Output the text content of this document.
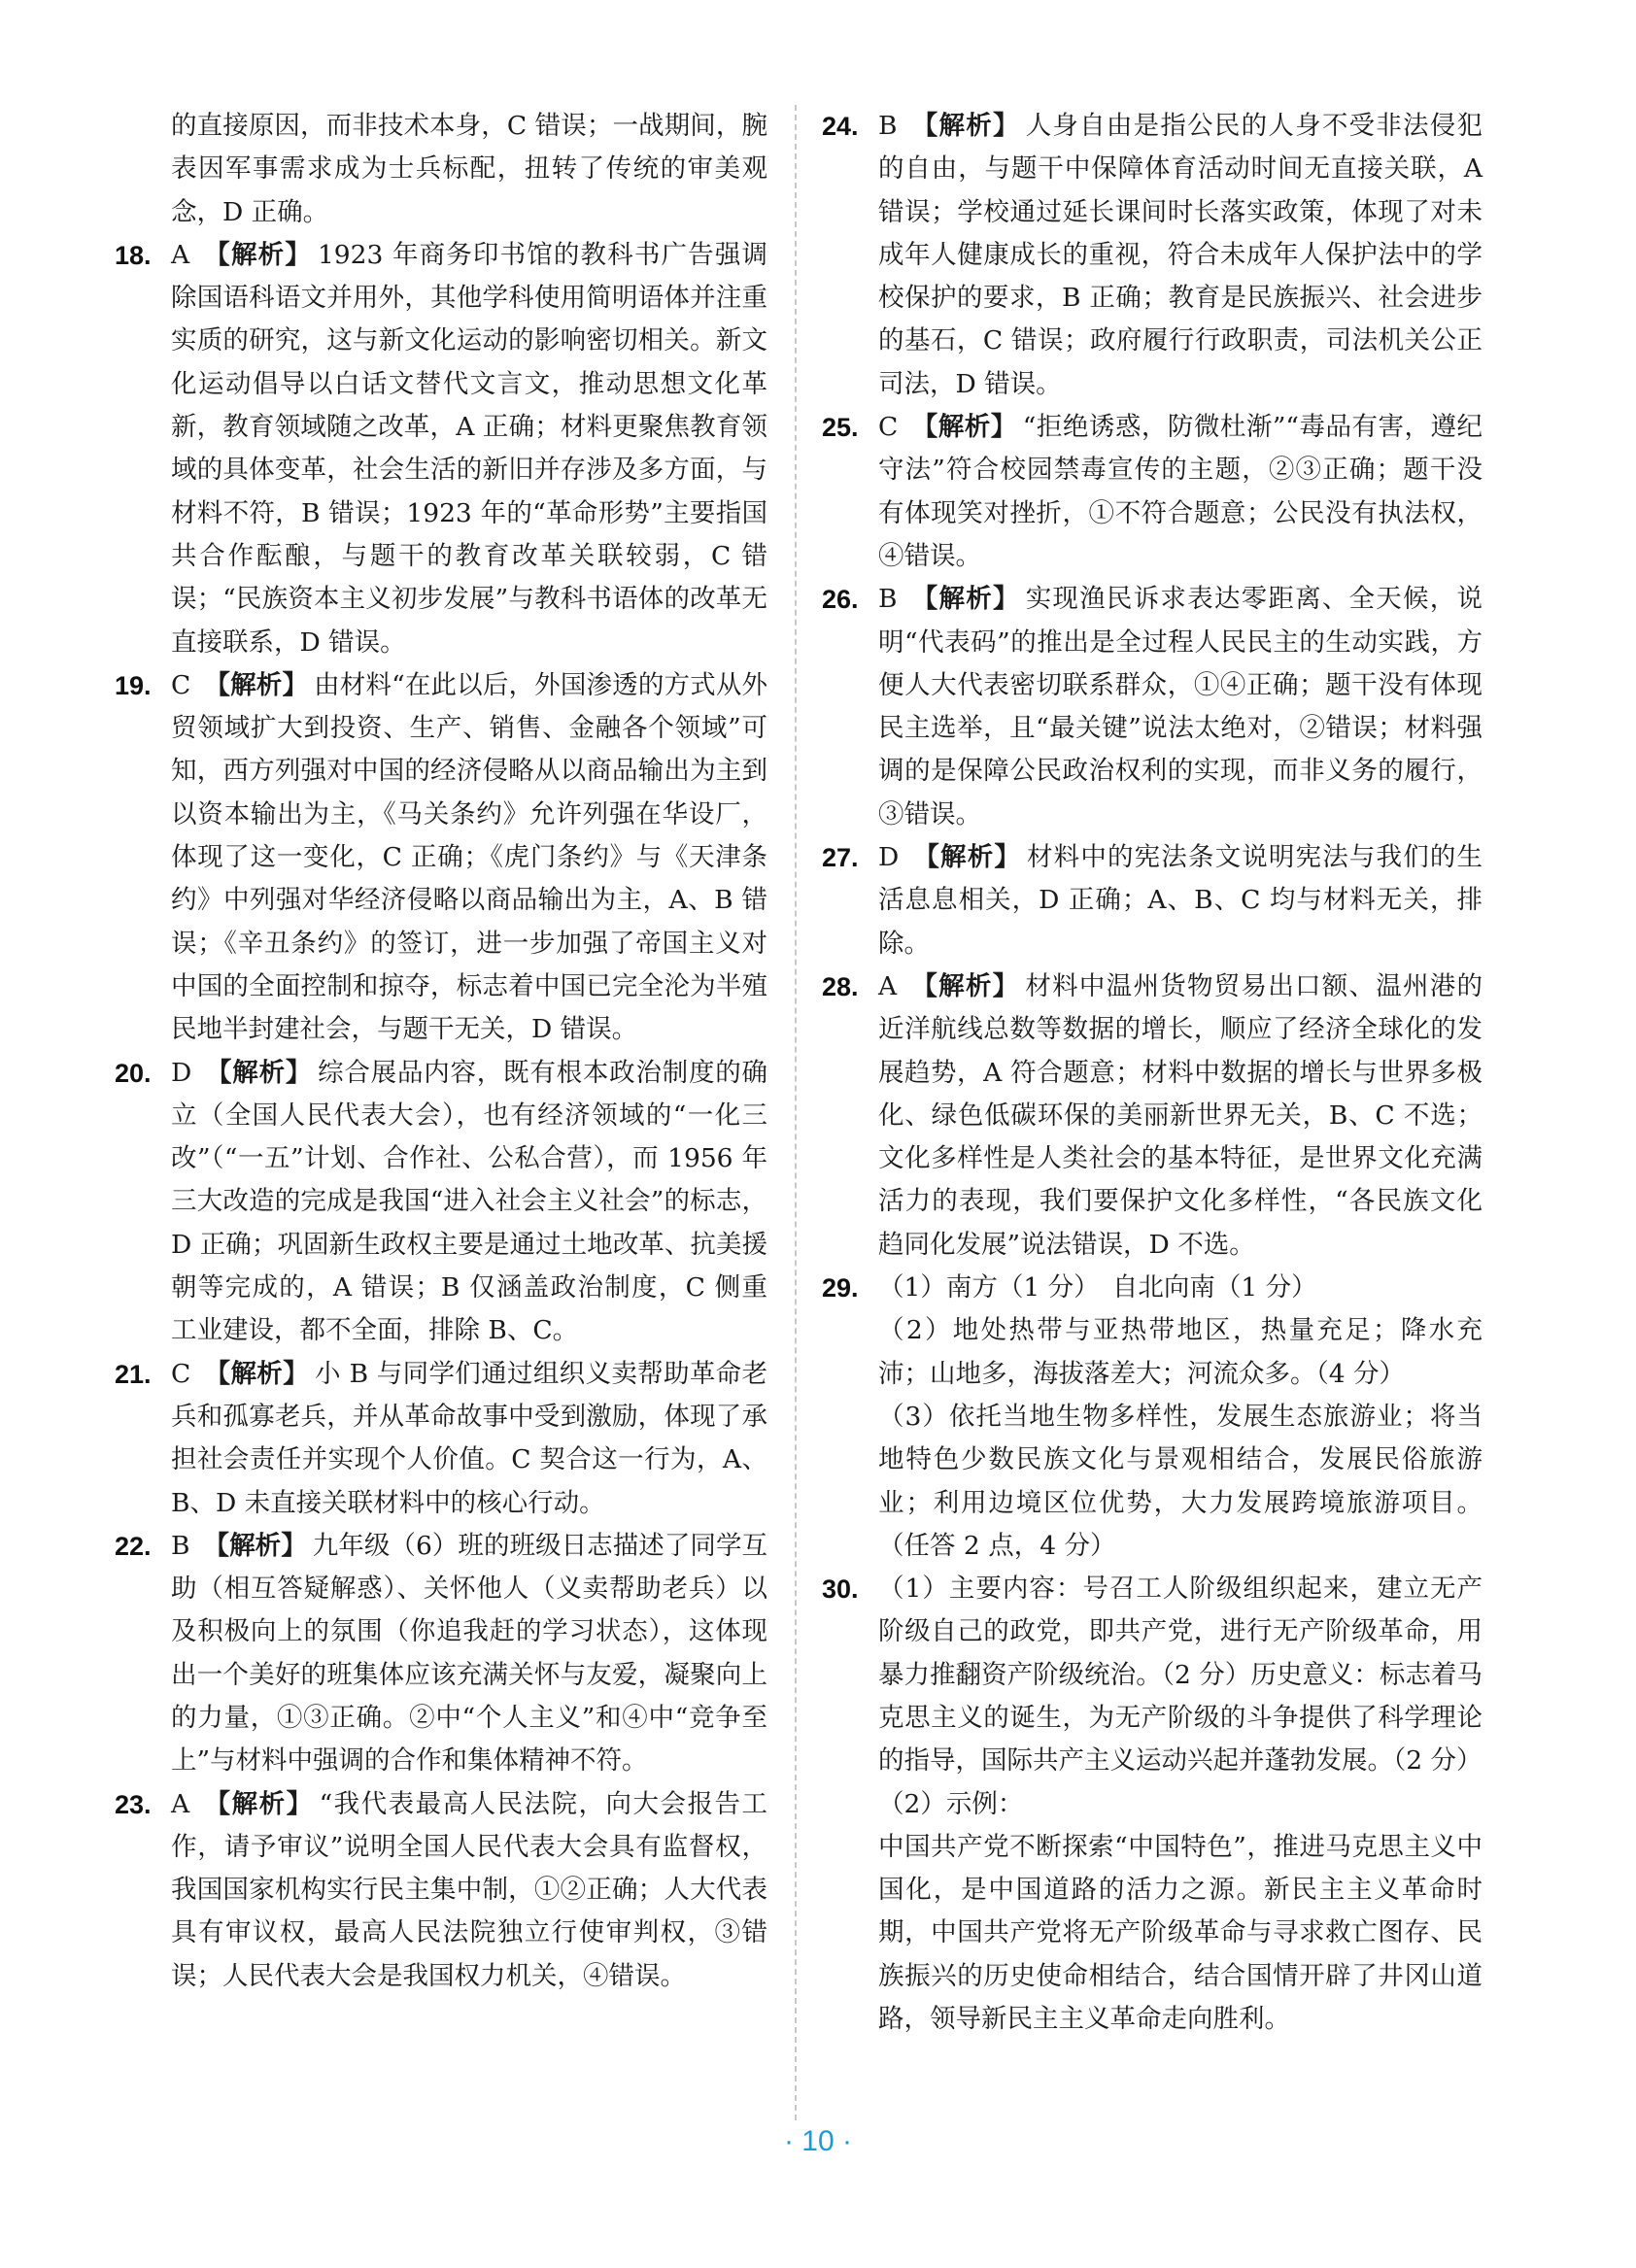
的直接原因，而非技术本身，C 错误；一战期间，腕表因军事需求成为士兵标配，扭转了传统的审美观念，D 正确。

18. A 【解析】 1923 年商务印书馆的教科书广告强调除国语科语文并用外，其他学科使用简明语体并注重实质的研究，这与新文化运动的影响密切相关。新文化运动倡导以白话文替代文言文，推动思想文化革新，教育领域随之改革，A 正确；材料更聚焦教育领域的具体变革，社会生活的新旧并存涉及多方面，与材料不符，B 错误；1923 年的“革命形势”主要指国共合作酝酿，与题干的教育改革关联较弱，C 错误；“民族资本主义初步发展”与教科书语体的改革无直接联系，D 错误。

19. C 【解析】 由材料“在此以后，外国渗透的方式从外贸领域扩大到投资、生产、销售、金融各个领域”可知，西方列强对中国的经济侵略从以商品输出为主到以资本输出为主，《马关条约》允许列强在华设厂，体现了这一变化，C 正确；《虎门条约》与《天津条约》中列强对华经济侵略以商品输出为主，A、B 错误；《辛丑条约》的签订，进一步加强了帝国主义对中国的全面控制和掠夺，标志着中国已完全沦为半殖民地半封建社会，与题干无关，D 错误。

20. D 【解析】 综合展品内容，既有根本政治制度的确立（全国人民代表大会），也有经济领域的“一化三改”（“一五”计划、合作社、公私合营），而 1956 年三大改造的完成是我国“进入社会主义社会”的标志，D 正确；巩固新生政权主要是通过土地改革、抗美援朝等完成的，A 错误；B 仅涵盖政治制度，C 侧重工业建设，都不全面，排除 B、C。

21. C 【解析】 小 B 与同学们通过组织义卖帮助革命老兵和孤寡老兵，并从革命故事中受到激励，体现了承担社会责任并实现个人价值。C 契合这一行为，A、B、D 未直接关联材料中的核心行动。

22. B 【解析】 九年级（6）班的班级日志描述了同学互助（相互答疑解惑）、关怀他人（义卖帮助老兵）以及积极向上的氛围（你追我赶的学习状态），这体现出一个美好的班集体应该充满关怀与友爱，凝聚向上的力量，①③正确。②中“个人主义”和④中“竞争至上”与材料中强调的合作和集体精神不符。

23. A 【解析】 “我代表最高人民法院，向大会报告工作，请予审议”说明全国人民代表大会具有监督权，我国国家机构实行民主集中制，①②正确；人大代表具有审议权，最高人民法院独立行使审判权，③错误；人民代表大会是我国权力机关，④错误。

24. B 【解析】 人身自由是指公民的人身不受非法侵犯的自由，与题干中保障体育活动时间无直接关联，A 错误；学校通过延长课间时长落实政策，体现了对未成年人健康成长的重视，符合未成年人保护法中的学校保护的要求，B 正确；教育是民族振兴、社会进步的基石，C 错误；政府履行行政职责，司法机关公正司法，D 错误。

25. C 【解析】 “拒绝诱惑，防微杜渐”“毒品有害，遵纪守法”符合校园禁毒宣传的主题，②③正确；题干没有体现笑对挫折，①不符合题意；公民没有执法权，④错误。

26. B 【解析】 实现渔民诉求表达零距离、全天候，说明“代表码”的推出是全过程人民民主的生动实践，方便人大代表密切联系群众，①④正确；题干没有体现民主选举，且“最关键”说法太绝对，②错误；材料强调的是保障公民政治权利的实现，而非义务的履行，③错误。

27. D 【解析】 材料中的宪法条文说明宪法与我们的生活息息相关，D 正确；A、B、C 均与材料无关，排除。

28. A 【解析】 材料中温州货物贸易出口额、温州港的近洋航线总数等数据的增长，顺应了经济全球化的发展趋势，A 符合题意；材料中数据的增长与世界多极化、绿色低碳环保的美丽新世界无关，B、C 不选；文化多样性是人类社会的基本特征，是世界文化充满活力的表现，我们要保护文化多样性，“各民族文化趋同化发展”说法错误，D 不选。

29. （1）南方（1 分）　自北向南（1 分）
（2）地处热带与亚热带地区，热量充足；降水充沛；山地多，海拔落差大；河流众多。（4 分）
（3）依托当地生物多样性，发展生态旅游业；将当地特色少数民族文化与景观相结合，发展民俗旅游业；利用边境区位优势，大力发展跨境旅游项目。（任答 2 点，4 分）
30. （1）主要内容：号召工人阶级组织起来，建立无产阶级自己的政党，即共产党，进行无产阶级革命，用暴力推翻资产阶级统治。（2 分）历史意义：标志着马克思主义的诞生，为无产阶级的斗争提供了科学理论的指导，国际共产主义运动兴起并蓬勃发展。（2 分）
（2）示例：
中国共产党不断探索“中国特色”，推进马克思主义中国化，是中国道路的活力之源。新民主主义革命时期，中国共产党将无产阶级革命与寻求救亡图存、民族振兴的历史使命相结合，结合国情开辟了井冈山道路，领导新民主主义革命走向胜利。
· 10 ·
